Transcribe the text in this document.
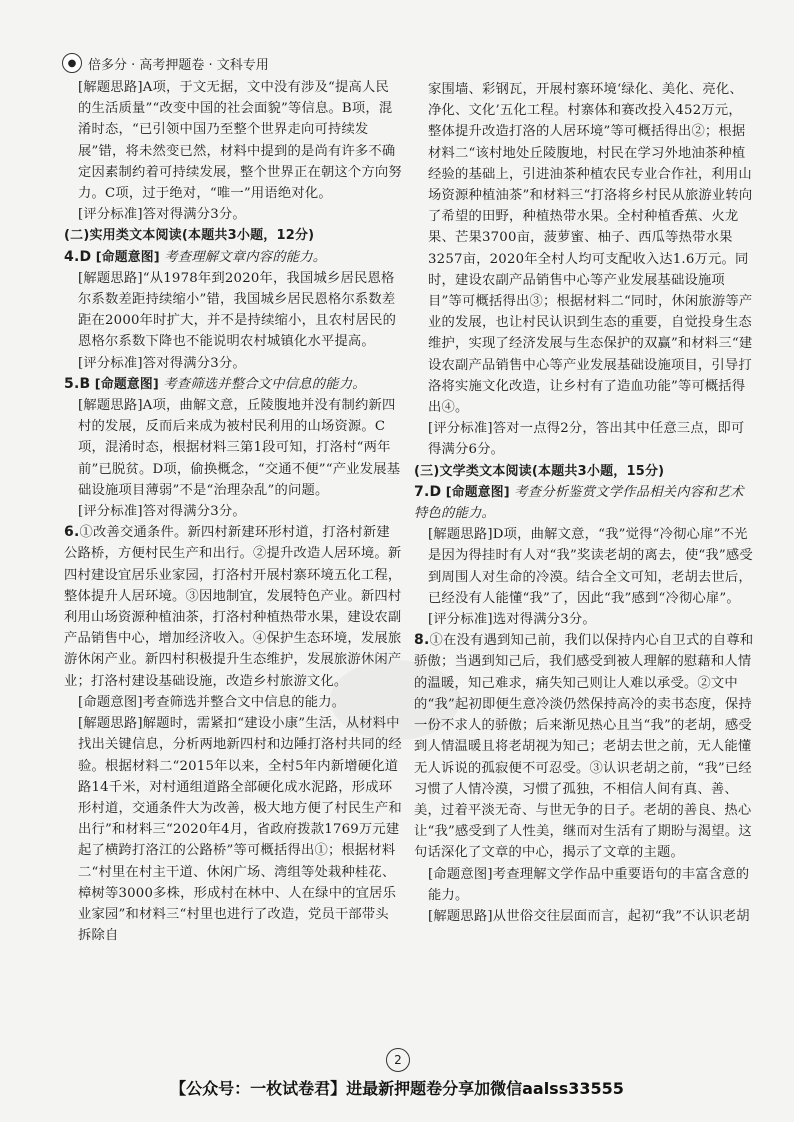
● 倍多分 · 高考押题卷 · 文科专用

[解题思路]A项，于文无据，文中没有涉及“提高人民的生活质量”“改变中国的社会面貌”等信息。B项，混淆时态，“已引领中国乃至整个世界走向可持续发展”错，将未然变已然，材料中提到的是尚有许多不确定因素制约着可持续发展，整个世界正在朝这个方向努力。C项，过于绝对，“唯一”用语绝对化。

[评分标准]答对得满分3分。

(二)实用类文本阅读(本题共3小题，12分)

4.D [命题意图] 考查理解文章内容的能力。

[解题思路]“从1978年到2020年，我国城乡居民恩格尔系数差距持续缩小”错，我国城乡居民恩格尔系数差距在2000年时扩大，并不是持续缩小，且农村居民的恩格尔系数下降也不能说明农村城镇化水平提高。

[评分标准]答对得满分3分。

5.B [命题意图] 考查筛选并整合文中信息的能力。

[解题思路]A项，曲解文意，丘陵腹地并没有制约新四村的发展，反而后来成为被村民利用的山场资源。C项，混淆时态，根据材料三第1段可知，打洛村“两年前”已脱贫。D项，偷换概念，“交通不便”“产业发展基础设施项目薄弱”不是“治理杂乱”的问题。

[评分标准]答对得满分3分。

6.①改善交通条件。新四村新建环形村道，打洛村新建公路桥，方便村民生产和出行。②提升改造人居环境。新四村建设宜居乐业家园，打洛村开展村寨环境五化工程，整体提升人居环境。③因地制宜，发展特色产业。新四村利用山场资源种植油茶，打洛村种植热带水果，建设农副产品销售中心，增加经济收入。④保护生态环境，发展旅游休闲产业。新四村积极提升生态维护，发展旅游休闲产业；打洛村建设基础设施，改造乡村旅游文化。

[命题意图]考查筛选并整合文中信息的能力。

[解题思路]解题时，需紧扣“建设小康”生活，从材料中找出关键信息，分析两地新四村和边陲打洛村共同的经验。根据材料二“2015年以来，全村5年内新增硬化道路14千米，对村通组道路全部硬化成水泥路，形成环形村道，交通条件大为改善，极大地方便了村民生产和出行”和材料三“2020年4月，省政府拨款1769万元建起了横跨打洛江的公路桥”等可概括得出①；根据材料二“村里在村主干道、休闲广场、湾组等处栽种桂花、樟树等3000多株，形成村在林中、人在绿中的宜居乐业家园”和材料三“村里也进行了改造，党员干部带头拆除自

家围墙、彩钢瓦，开展村寨环境‘绿化、美化、亮化、净化、文化’五化工程。村寨体和赛改投入452万元，整体提升改造打洛的人居环境”等可概括得出②；根据材料二“该村地处丘陵腹地，村民在学习外地油茶种植经验的基础上，引进油茶种植农民专业合作社，利用山场资源种植油茶”和材料三“打洛将乡村民从旅游业转向了希望的田野，种植热带水果。全村种植香蕉、火龙果、芒果3700亩，菠萝蜜、柚子、西瓜等热带水果3257亩，2020年全村人均可支配收入达1.6万元。同时，建设农副产品销售中心等产业发展基础设施项目”等可概括得出③；根据材料二“同时，休闲旅游等产业的发展，也让村民认识到生态的重要，自觉投身生态维护，实现了经济发展与生态保护的双赢”和材料三“建设农副产品销售中心等产业发展基础设施项目，引导打洛将实施文化改造，让乡村有了造血功能”等可概括得出④。

[评分标准]答对一点得2分，答出其中任意三点，即可得满分6分。

(三)文学类文本阅读(本题共3小题，15分)

7.D [命题意图] 考查分析鉴赏文学作品相关内容和艺术特色的能力。

[解题思路]D项，曲解文意，“我”觉得“冷彻心扉”不光是因为得挂时有人对“我”奖读老胡的离去，使“我”感受到周围人对生命的冷漠。结合全文可知，老胡去世后，已经没有人能懂“我”了，因此“我”感到“冷彻心扉”。

[评分标准]选对得满分3分。

8.①在没有遇到知己前，我们以保持内心自卫式的自尊和骄傲；当遇到知己后，我们感受到被人理解的慰藉和人情的温暖，知己难求，痛失知己则让人难以承受。②文中的“我”起初即便生意冷淡仍然保持高冷的卖书态度，保持一份不求人的骄傲；后来渐见热心且当“我”的老胡，感受到人情温暖且将老胡视为知己；老胡去世之前，无人能懂无人诉说的孤寂便不可忍受。③认识老胡之前，“我”已经习惯了人情冷漠，习惯了孤独，不相信人间有真、善、美，过着平淡无奇、与世无争的日子。老胡的善良、热心让“我”感受到了人性美，继而对生活有了期盼与渴望。这句话深化了文章的中心，揭示了文章的主题。

[命题意图]考查理解文学作品中重要语句的丰富含意的能力。

[解题思路]从世俗交往层面而言，起初“我”不认识老胡

2
【公众号：一枚试卷君】进最新押题卷分享加微信aalss33555
